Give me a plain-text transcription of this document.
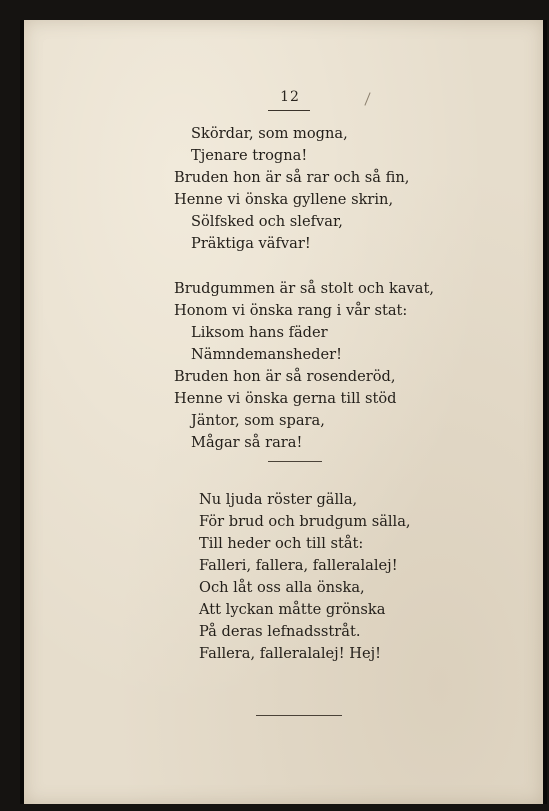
12
Skördar, som mogna,
Tjenare trogna!
Bruden hon är så rar och så fin,
Henne vi önska gyllene skrin,
Sölfsked och slefvar,
Präktiga väfvar!
Brudgummen är så stolt och kavat,
Honom vi önska rang i vår stat:
Liksom hans fäder
Nämndemansheder!
Bruden hon är så rosenderöd,
Henne vi önska gerna till stöd
Jäntor, som spara,
Mågar så rara!
Nu ljuda röster gälla,
För brud och brudgum sälla,
Till heder och till ståt:
Falleri, fallera, falleralalej!
Och låt oss alla önska,
Att lyckan måtte grönska
På deras lefnadsstråt.
Fallera, falleralalej! Hej!
